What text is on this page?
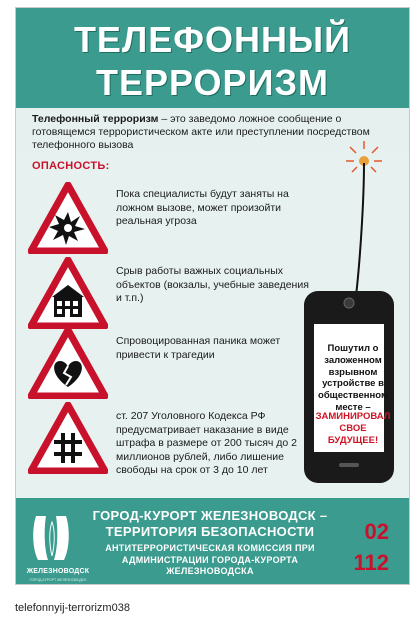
ТЕЛЕФОННЫЙ
ТЕРРОРИЗМ
Телефонный терроризм – это заведомо ложное сообщение о готовящемся террористическом акте или преступлении посредством телефонного вызова
ОПАСНОСТЬ:
Пока специалисты будут заняты на ложном вызове, может произойти реальная угроза
Срыв работы важных социальных объектов (вокзалы, учебные заведения и т.п.)
Спровоцированная паника может привести к трагедии
ст. 207 Уголовного Кодекса РФ предусматривает наказание в виде штрафа в размере от 200 тысяч до 2 миллионов рублей, либо лишение свободы на срок от 3 до 10 лет
Пошутил о заложенном взрывном устройстве в общественном месте –
ЗАМИНИРОВАЛ СВОЕ БУДУЩЕЕ!
ЖЕЛЕЗНОВОДСК
ГОРОД-КУРОРТ ЖЕЛЕЗНОВОДСК
ГОРОД-КУРОРТ ЖЕЛЕЗНОВОДСК – ТЕРРИТОРИЯ БЕЗОПАСНОСТИ
АНТИТЕРРОРИСТИЧЕСКАЯ КОМИССИЯ ПРИ АДМИНИСТРАЦИИ ГОРОДА-КУРОРТА ЖЕЛЕЗНОВОДСКА
02
112
telefonnyij-terrorizm038
